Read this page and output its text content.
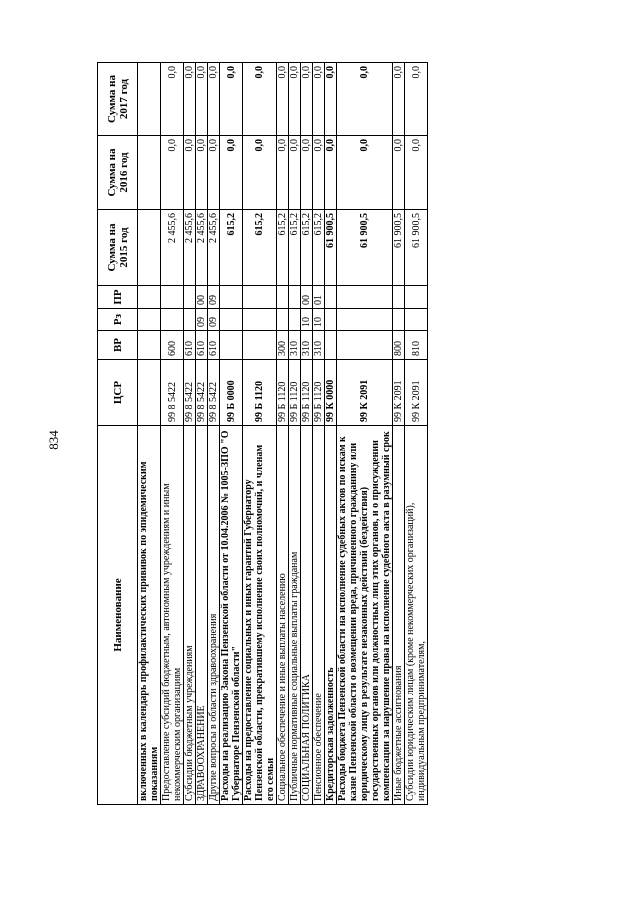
834
Наименование	ЦСР	ВР	Рз	ПР	Сумма на 2015 год	Сумма на 2016 год	Сумма на 2017 год
включенных в календарь профилактических прививок по эпидемическим показаниям							
Предоставление субсидий бюджетным, автономным учреждениям и иным некоммерческим организациям	99 8 5422	600			2 455,6	0,0	0,0
Субсидии бюджетным учреждениям	99 8 5422	610			2 455,6	0,0	0,0
ЗДРАВООХРАНЕНИЕ	99 8 5422	610	09	00	2 455,6	0,0	0,0
Другие вопросы в области здравоохранения	99 8 5422	610	09	09	2 455,6	0,0	0,0
Расходы на реализацию Закона Пензенской области от 10.04.2006 № 1005-ЗПО "О Губернаторе Пензенской области"	99 Б 0000				615,2	0,0	0,0
Расходы на предоставление социальных и иных гарантий Губернатору Пензенской области, прекратившему исполнение своих полномочий, и членам его семьи	99 Б 1120				615,2	0,0	0,0
Социальное обеспечение и иные выплаты населению	99 Б 1120	300			615,2	0,0	0,0
Публичные нормативные социальные выплаты гражданам	99 Б 1120	310			615,2	0,0	0,0
СОЦИАЛЬНАЯ ПОЛИТИКА	99 Б 1120	310	10	00	615,2	0,0	0,0
Пенсионное обеспечение	99 Б 1120	310	10	01	615,2	0,0	0,0
Кредиторская задолженность	99 К 0000				61 900,5	0,0	0,0
Расходы бюджета Пензенской области на исполнение судебных актов по искам к казне Пензенской области о возмещении вреда, причиненного гражданину или юридическому лицу в результате незаконных действий (бездействия) государственных органов или должностных лиц этих органов, и о присуждении компенсации за нарушение права на исполнение судебного акта в разумный срок	99 К 2091				61 900,5	0,0	0,0
Иные бюджетные ассигнования	99 К 2091	800			61 900,5	0,0	0,0
Субсидии юридическим лицам (кроме некоммерческих организаций), индивидуальным предпринимателям,	99 К 2091	810			61 900,5	0,0	0,0
